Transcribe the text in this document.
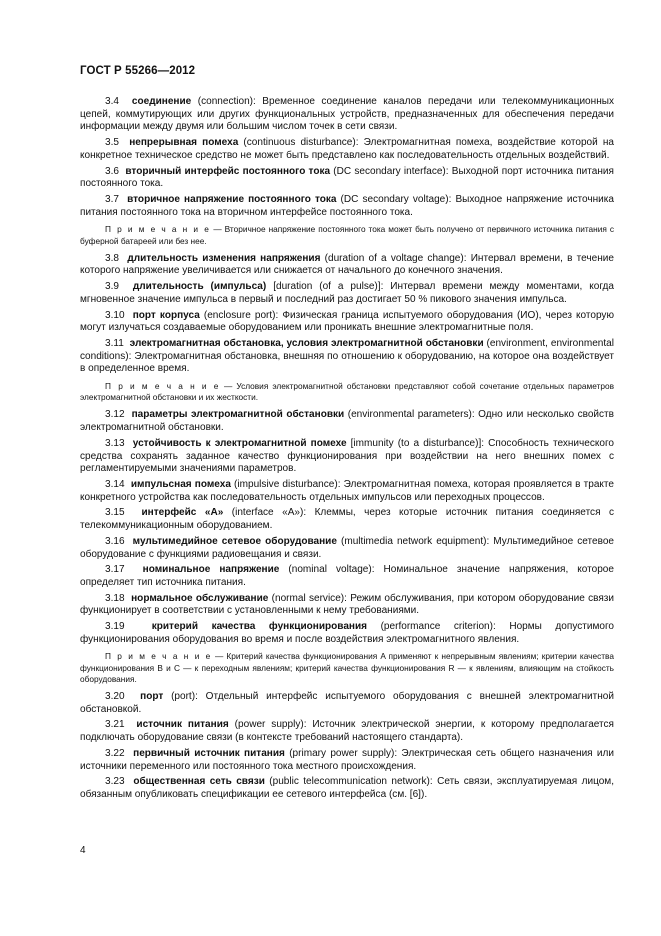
ГОСТ Р 55266—2012

3.4 соединение (connection): Временное соединение каналов передачи или телекоммуникационных цепей, коммутирующих или других функциональных устройств, предназначенных для обеспечения передачи информации между двумя или большим числом точек в сети связи.

3.5 непрерывная помеха (continuous disturbance): Электромагнитная помеха, воздействие которой на конкретное техническое средство не может быть представлено как последовательность отдельных воздействий.

3.6 вторичный интерфейс постоянного тока (DC secondary interface): Выходной порт источника питания постоянного тока.

3.7 вторичное напряжение постоянного тока (DC secondary voltage): Выходное напряжение источника питания постоянного тока на вторичном интерфейсе постоянного тока.

П р и м е ч а н и е — Вторичное напряжение постоянного тока может быть получено от первичного источника питания с буферной батареей или без нее.

3.8 длительность изменения напряжения (duration of a voltage change): Интервал времени, в течение которого напряжение увеличивается или снижается от начального до конечного значения.

3.9 длительность (импульса) [duration (of a pulse)]: Интервал времени между моментами, когда мгновенное значение импульса в первый и последний раз достигает 50 % пикового значения импульса.

3.10 порт корпуса (enclosure port): Физическая граница испытуемого оборудования (ИО), через которую могут излучаться создаваемые оборудованием или проникать внешние электромагнитные поля.

3.11 электромагнитная обстановка, условия электромагнитной обстановки (environment, environmental conditions): Электромагнитная обстановка, внешняя по отношению к оборудованию, на которое она воздействует в определенное время.

П р и м е ч а н и е — Условия электромагнитной обстановки представляют собой сочетание отдельных параметров электромагнитной обстановки и их жесткости.

3.12 параметры электромагнитной обстановки (environmental parameters): Одно или несколько свойств электромагнитной обстановки.

3.13 устойчивость к электромагнитной помехе [immunity (to a disturbance)]: Способность технического средства сохранять заданное качество функционирования при воздействии на него внешних помех с регламентируемыми значениями параметров.

3.14 импульсная помеха (impulsive disturbance): Электромагнитная помеха, которая проявляется в тракте конкретного устройства как последовательность отдельных импульсов или переходных процессов.

3.15 интерфейс «А» (interface «А»): Клеммы, через которые источник питания соединяется с телекоммуникационным оборудованием.

3.16 мультимедийное сетевое оборудование (multimedia network equipment): Мультимедийное сетевое оборудование с функциями радиовещания и связи.

3.17 номинальное напряжение (nominal voltage): Номинальное значение напряжения, которое определяет тип источника питания.

3.18 нормальное обслуживание (normal service): Режим обслуживания, при котором оборудование связи функционирует в соответствии с установленными к нему требованиями.

3.19	критерий качества функционирования (performance criterion): Нормы допустимого функционирования оборудования во время и после воздействия электромагнитного явления.

П р и м е ч а н и е — Критерий качества функционирования A применяют к непрерывным явлениям; критерии качества функционирования B и C — к переходным явлениям; критерий качества функционирования R — к явлениям, влияющим на стойкость оборудования.

3.20 порт (port): Отдельный интерфейс испытуемого оборудования с внешней электромагнитной обстановкой.

3.21 источник питания (power supply): Источник электрической энергии, к которому предполагается подключать оборудование связи (в контексте требований настоящего стандарта).

3.22 первичный источник питания (primary power supply): Электрическая сеть общего назначения или источники переменного или постоянного тока местного происхождения.

3.23 общественная сеть связи (public telecommunication network): Сеть связи, эксплуатируемая лицом, обязанным опубликовать спецификации ее сетевого интерфейса (см. [6]).

4
